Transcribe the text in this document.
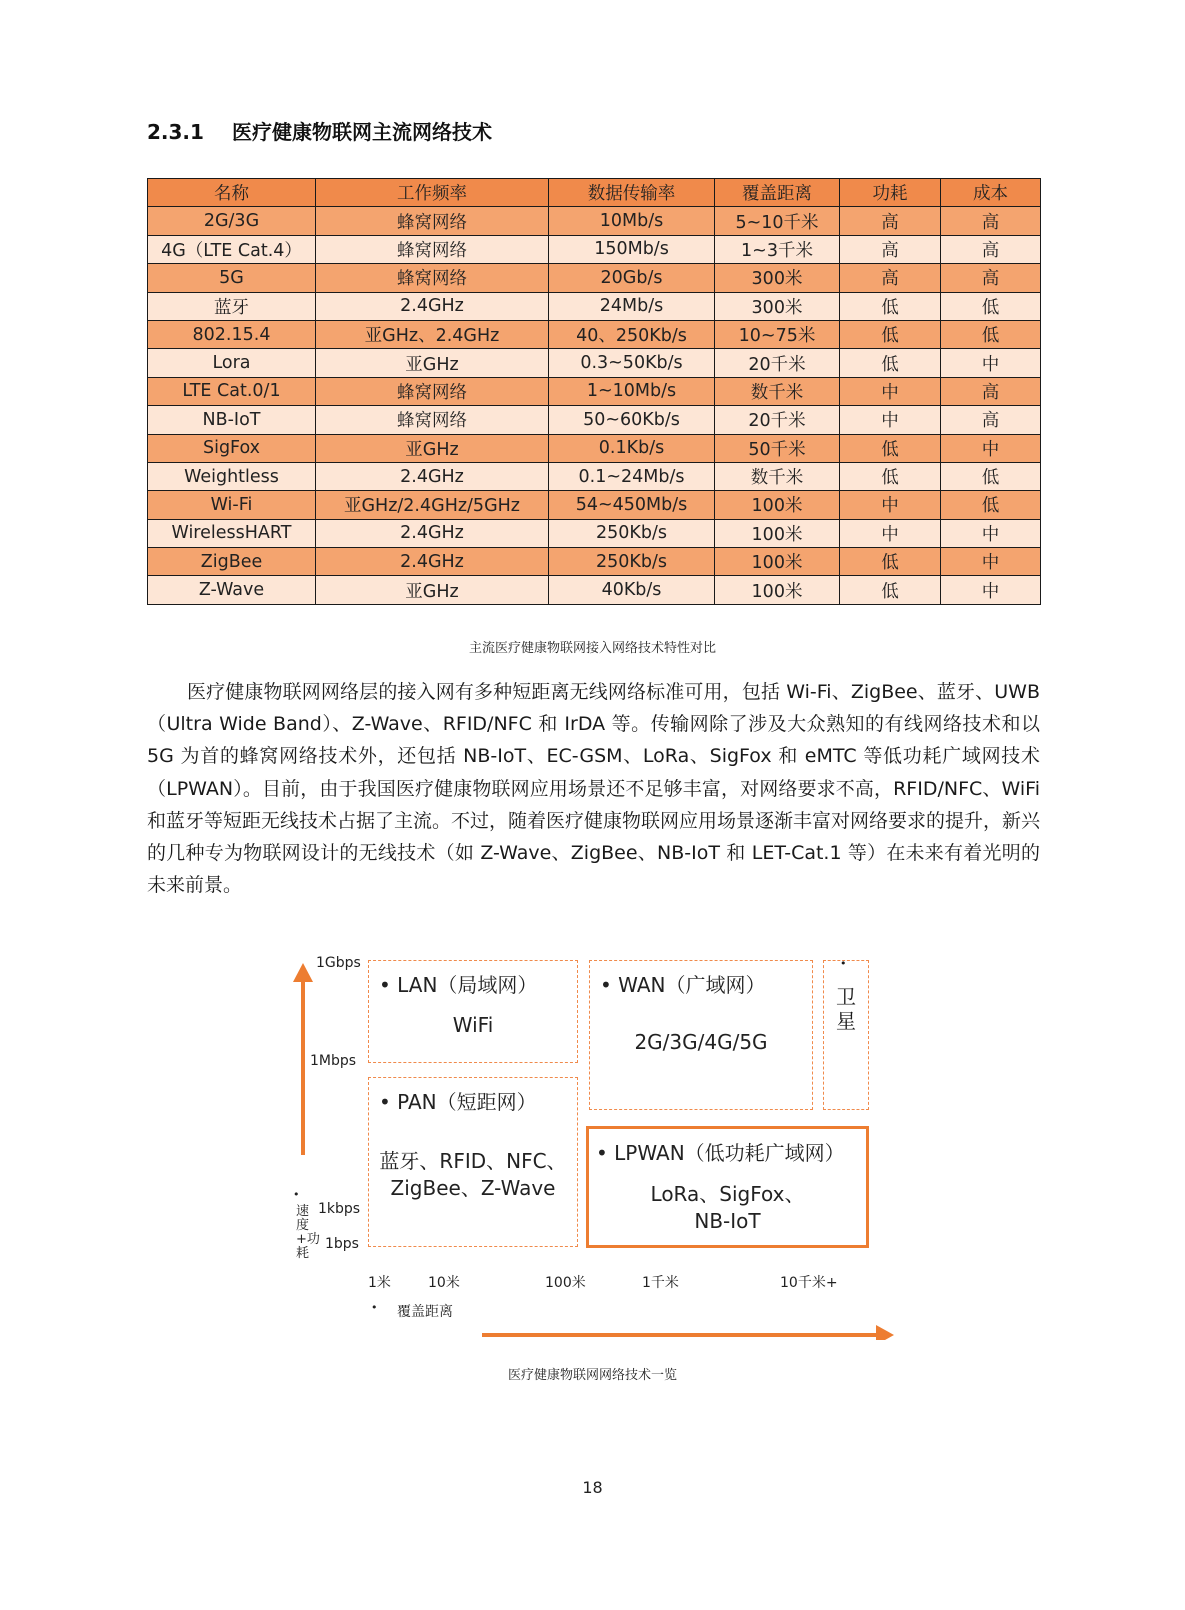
2.3.1 医疗健康物联网主流网络技术
名称	工作频率	数据传输率	覆盖距离	功耗	成本
2G/3G	蜂窝网络	10Mb/s	5~10千米	高	高
4G（LTE Cat.4）	蜂窝网络	150Mb/s	1~3千米	高	高
5G	蜂窝网络	20Gb/s	300米	高	高
蓝牙	2.4GHz	24Mb/s	300米	低	低
802.15.4	亚GHz、2.4GHz	40、250Kb/s	10~75米	低	低
Lora	亚GHz	0.3~50Kb/s	20千米	低	中
LTE Cat.0/1	蜂窝网络	1~10Mb/s	数千米	中	高
NB-IoT	蜂窝网络	50~60Kb/s	20千米	中	高
SigFox	亚GHz	0.1Kb/s	50千米	低	中
Weightless	2.4GHz	0.1~24Mb/s	数千米	低	低
Wi-Fi	亚GHz/2.4GHz/5GHz	54~450Mb/s	100米	中	低
WirelessHART	2.4GHz	250Kb/s	100米	中	中
ZigBee	2.4GHz	250Kb/s	100米	低	中
Z-Wave	亚GHz	40Kb/s	100米	低	中
主流医疗健康物联网接入网络技术特性对比
医疗健康物联网网络层的接入网有多种短距离无线网络标准可用，包括 Wi-Fi、ZigBee、蓝牙、UWB（Ultra Wide Band）、Z-Wave、RFID/NFC 和 IrDA 等。传输网除了涉及大众熟知的有线网络技术和以 5G 为首的蜂窝网络技术外，还包括 NB-IoT、EC-GSM、LoRa、SigFox 和 eMTC 等低功耗广域网技术（LPWAN）。目前，由于我国医疗健康物联网应用场景还不足够丰富，对网络要求不高，RFID/NFC、WiFi 和蓝牙等短距无线技术占据了主流。不过，随着医疗健康物联网应用场景逐渐丰富对网络要求的提升，新兴的几种专为物联网设计的无线技术（如 Z-Wave、ZigBee、NB-IoT 和 LET-Cat.1 等）在未来有着光明的未来前景。
•
速度+功耗
1Gbps
1Mbps
1kbps
1bps
1米	10米	100米	1千米	10千米+
• 覆盖距离
• LAN（局域网）
WiFi
• WAN（广域网）
2G/3G/4G/5G
•
卫星
• PAN（短距网）
蓝牙、RFID、NFC、ZigBee、Z-Wave
• LPWAN（低功耗广域网）
LoRa、SigFox、NB-IoT
医疗健康物联网网络技术一览
18
